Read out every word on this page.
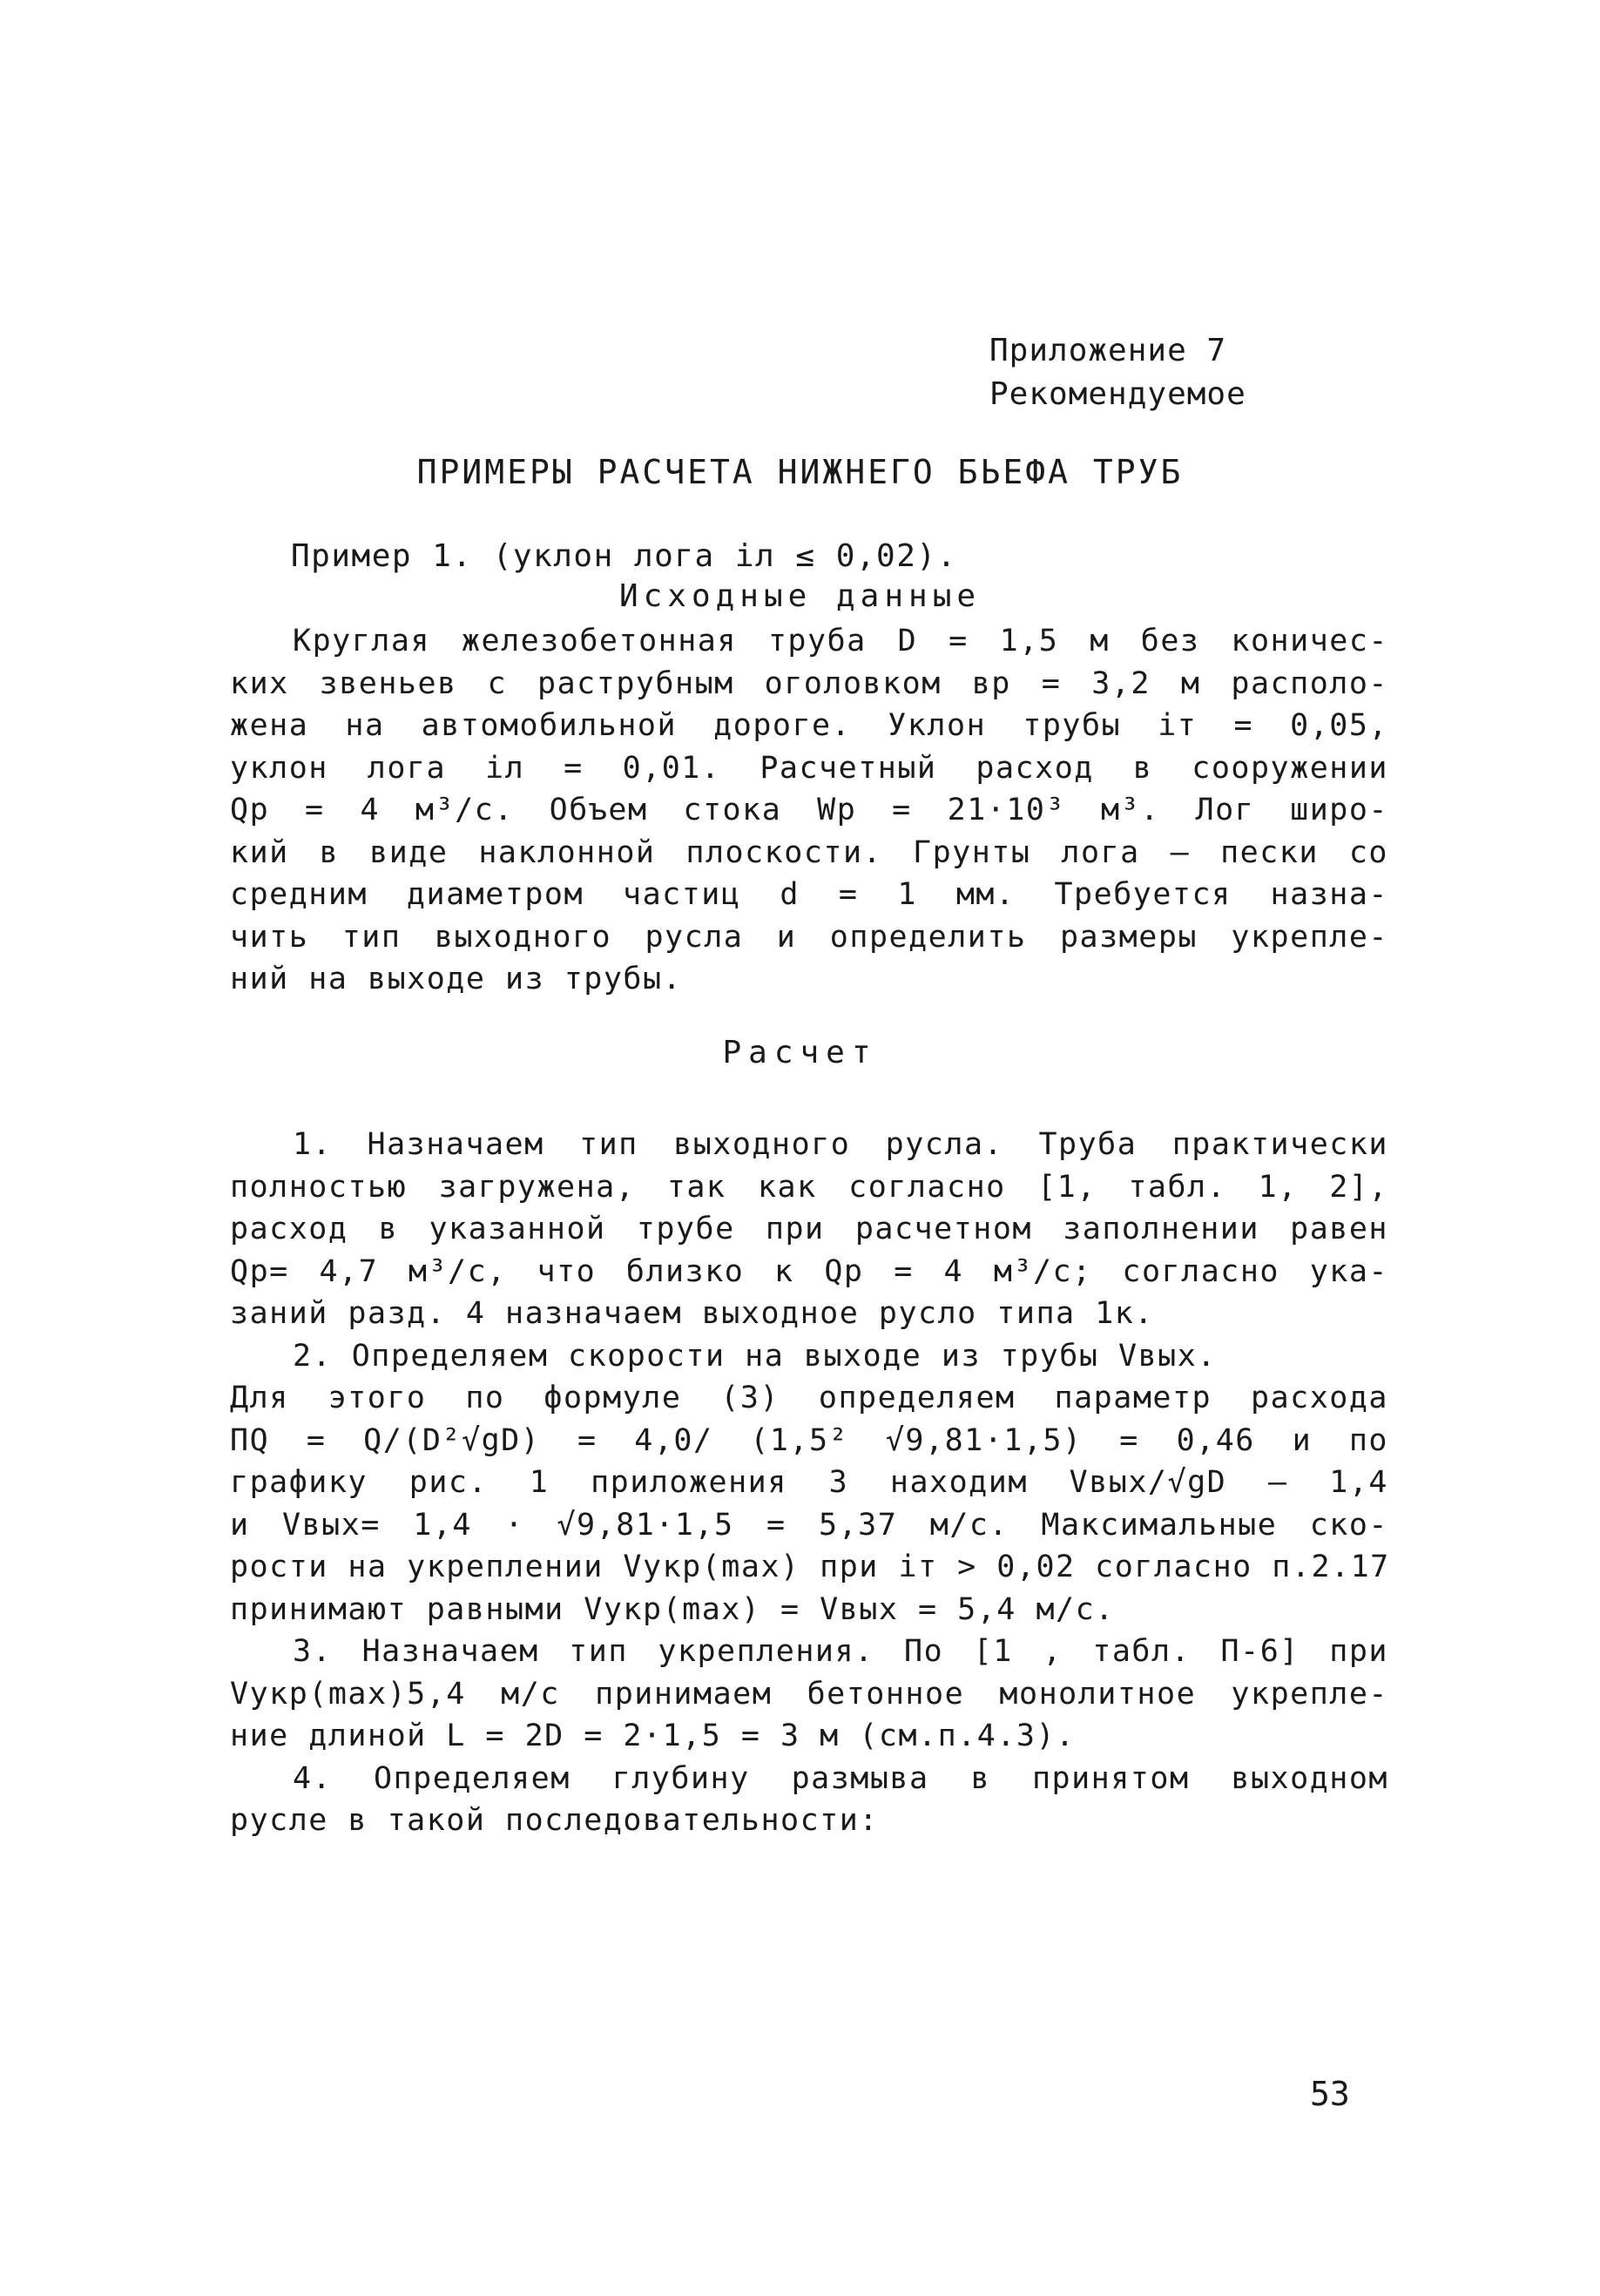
Приложение 7
Рекомендуемое
ПРИМЕРЫ РАСЧЕТА НИЖНЕГО БЬЕФА ТРУБ
Пример 1. (уклон лога iл ≤ 0,02).
Исходные данные
Круглая железобетонная труба D = 1,5 м без коничес-
ких звеньев с раструбным оголовком вр = 3,2 м располо-
жена на автомобильной дороге. Уклон трубы iт = 0,05,
уклон лога iл = 0,01. Расчетный расход в сооружении
Qр = 4 м³/с. Объем стока Wр = 21·10³ м³. Лог широ-
кий в виде наклонной плоскости. Грунты лога – пески со
средним диаметром частиц d = 1 мм. Требуется назна-
чить тип выходного русла и определить размеры укрепле-
ний на выходе из трубы.
Расчет
1. Назначаем тип выходного русла. Труба практически
полностью загружена, так как согласно [1, табл. 1, 2],
расход в указанной трубе при расчетном заполнении равен
Qр= 4,7 м³/с, что близко к Qр = 4 м³/с; согласно ука-
заний разд. 4 назначаем выходное русло типа 1к.
2. Определяем скорости на выходе из трубы Vвых.
Для этого по формуле (3) определяем параметр расхода
ПQ = Q/(D²√gD) = 4,0/ (1,5² √9,81·1,5) = 0,46 и по
графику рис. 1 приложения 3 находим Vвых/√gD – 1,4
и Vвых= 1,4 · √9,81·1,5 = 5,37 м/с. Максимальные ско-
рости на укреплении Vукр(max) при iт > 0,02 согласно п.2.17
принимают равными Vукр(max) = Vвых = 5,4 м/с.
3. Назначаем тип укрепления. По [1 , табл. П-6] при
Vукр(max)5,4 м/с принимаем бетонное монолитное укрепле-
ние длиной L = 2D = 2·1,5 = 3 м (см.п.4.3).
4. Определяем глубину размыва в принятом выходном
русле в такой последовательности:
53
